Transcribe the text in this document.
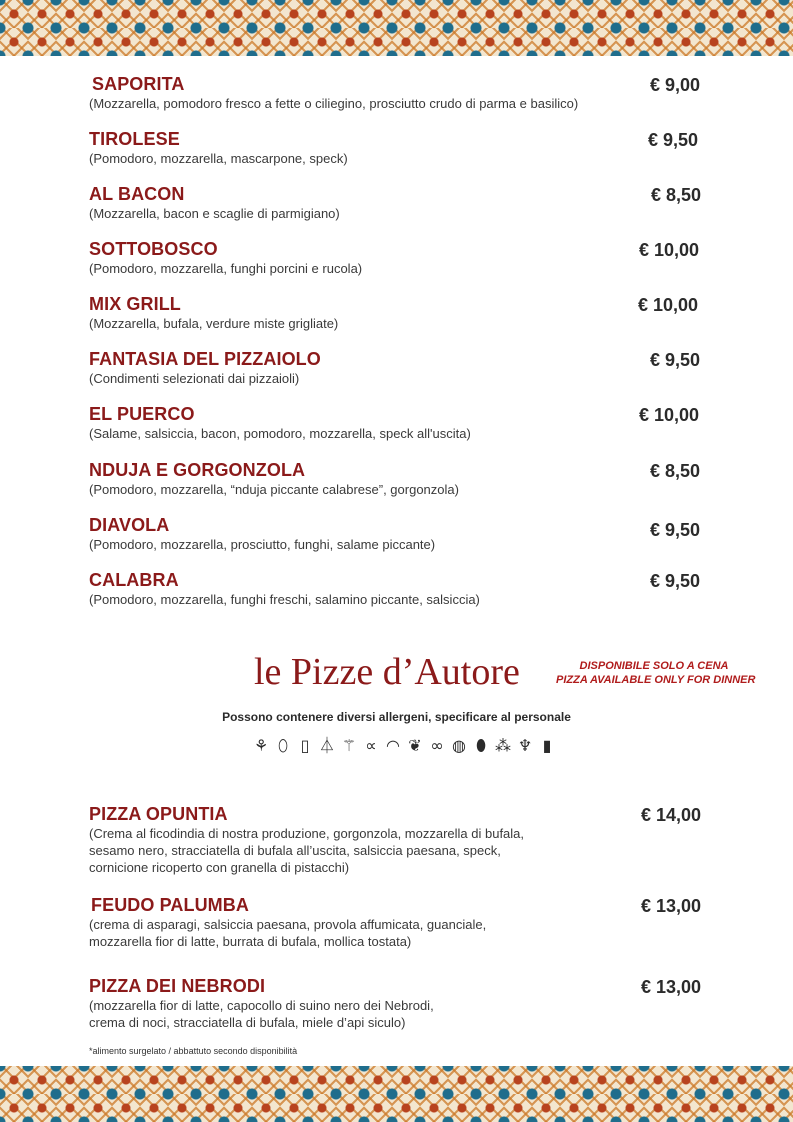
SAPORITA
(Mozzarella, pomodoro fresco a fette o ciliegino, prosciutto crudo di parma e basilico)
€ 9,00
TIROLESE
(Pomodoro, mozzarella, mascarpone, speck)
€ 9,50
AL BACON
(Mozzarella, bacon e scaglie di parmigiano)
€ 8,50
SOTTOBOSCO
(Pomodoro, mozzarella, funghi porcini e rucola)
€ 10,00
MIX GRILL
(Mozzarella, bufala, verdure miste grigliate)
€ 10,00
FANTASIA DEL PIZZAIOLO
(Condimenti selezionati dai pizzaioli)
€ 9,50
EL PUERCO
(Salame, salsiccia, bacon, pomodoro, mozzarella, speck all'uscita)
€ 10,00
NDUJA E GORGONZOLA
(Pomodoro, mozzarella, “nduja piccante calabrese”, gorgonzola)
€ 8,50
DIAVOLA
(Pomodoro, mozzarella, prosciutto, funghi, salame piccante)
€ 9,50
CALABRA
(Pomodoro, mozzarella, funghi freschi, salamino piccante, salsiccia)
€ 9,50
le Pizze d’Autore	DISPONIBILE SOLO A CENA
PIZZA AVAILABLE ONLY FOR DINNER
Possono contenere diversi allergeni, specificare al personale
⚘ ⬯ ▯ ⏃ ⚚ ∝ ◠ ❦ ∞ ◍ ⬮ ⁂ ♆ ▮
PIZZA OPUNTIA
(Crema al ficodindia di nostra produzione, gorgonzola, mozzarella di bufala,
sesamo nero, stracciatella di bufala all’uscita, salsiccia paesana, speck,
cornicione ricoperto con granella di pistacchi)
€ 14,00
FEUDO PALUMBA
(crema di asparagi, salsiccia paesana, provola affumicata, guanciale,
mozzarella fior di latte, burrata di bufala, mollica tostata)
€ 13,00
PIZZA DEI NEBRODI
(mozzarella fior di latte, capocollo di suino nero dei Nebrodi,
crema di noci, stracciatella di bufala, miele d’api siculo)
€ 13,00
*alimento surgelato / abbattuto secondo disponibilità
